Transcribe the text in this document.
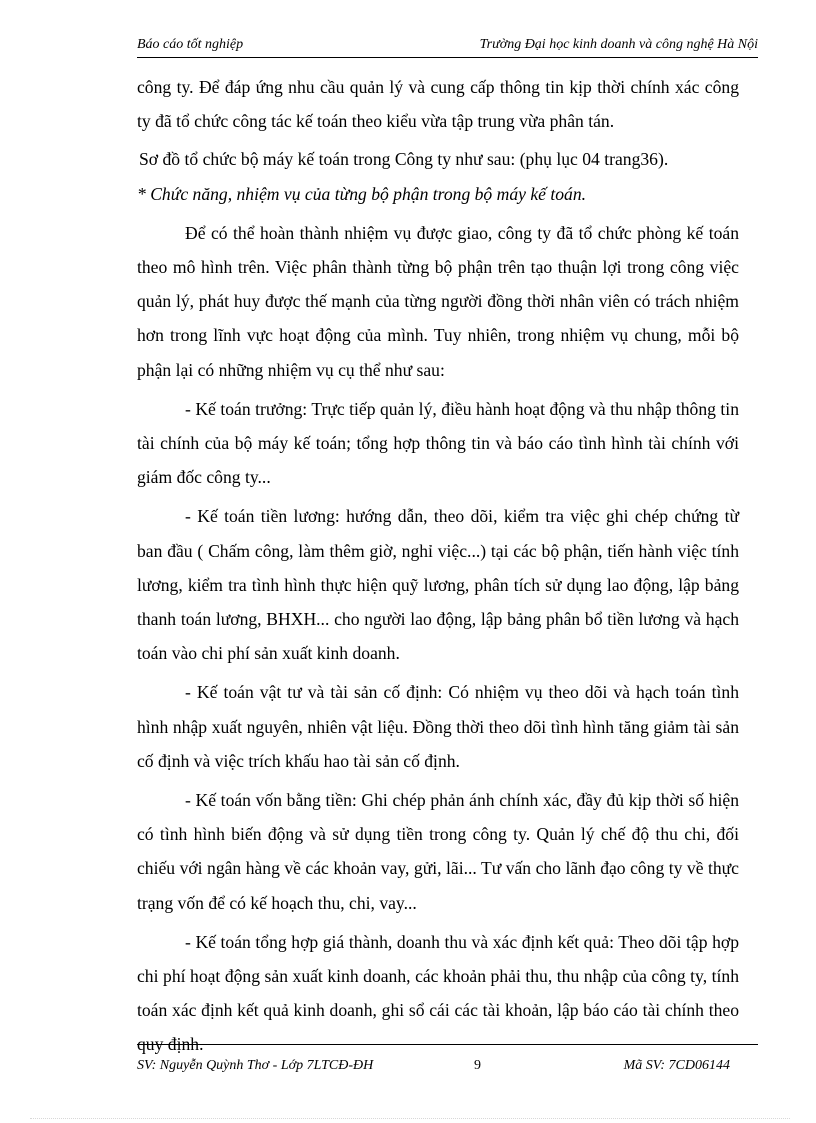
Báo cáo tốt nghiệp	Trường Đại học kinh doanh và công nghệ Hà Nội

công ty. Để đáp ứng nhu cầu quản lý và cung cấp thông tin kịp thời chính xác công ty đã tổ chức công tác kế toán theo kiểu vừa tập trung vừa phân tán.

Sơ đồ tổ chức bộ máy kế toán trong Công ty như sau: (phụ lục 04 trang36).

* Chức năng, nhiệm vụ của từng bộ phận trong bộ máy kế toán.

Để có thể hoàn thành nhiệm vụ được giao, công ty đã tổ chức phòng kế toán theo mô hình trên. Việc phân thành từng bộ phận trên tạo thuận lợi trong công việc quản lý, phát huy được thế mạnh của từng người đồng thời nhân viên có trách nhiệm hơn trong lĩnh vực hoạt động của mình. Tuy nhiên, trong nhiệm vụ chung, mỗi bộ phận lại có những nhiệm vụ cụ thể như sau:

- Kế toán trưởng: Trực tiếp quản lý, điều hành hoạt động và thu nhập thông tin tài chính của bộ máy kế toán; tổng hợp thông tin và báo cáo tình hình tài chính với giám đốc công ty...

- Kế toán tiền lương: hướng dẫn, theo dõi, kiểm tra việc ghi chép chứng từ ban đầu ( Chấm công, làm thêm giờ, nghỉ việc...) tại các bộ phận, tiến hành việc tính lương, kiểm tra tình hình thực hiện quỹ lương, phân tích sử dụng lao động, lập bảng thanh toán lương, BHXH... cho người lao động, lập bảng phân bổ tiền lương và hạch toán vào chi phí sản xuất kinh doanh.

- Kế toán vật tư và tài sản cố định: Có nhiệm vụ theo dõi và hạch toán tình hình nhập xuất nguyên, nhiên vật liệu. Đồng thời theo dõi tình hình tăng giảm tài sản cố định và việc trích khấu hao tài sản cố định.

- Kế toán vốn bằng tiền: Ghi chép phản ánh chính xác, đầy đủ kịp thời số hiện có tình hình biến động và sử dụng tiền trong công ty. Quản lý chế độ thu chi, đối chiếu với ngân hàng về các khoản vay, gửi, lãi... Tư vấn cho lãnh đạo công ty về thực trạng vốn để có kế hoạch thu, chi, vay...

- Kế toán tổng hợp giá thành, doanh thu và xác định kết quả: Theo dõi tập hợp chi phí hoạt động sản xuất kinh doanh, các khoản phải thu, thu nhập của công ty, tính toán xác định kết quả kinh doanh, ghi sổ cái các tài khoản, lập báo cáo tài chính theo quy định.

SV: Nguyễn Quỳnh Thơ - Lớp 7LTCĐ-ĐH	9	Mã SV: 7CD06144
